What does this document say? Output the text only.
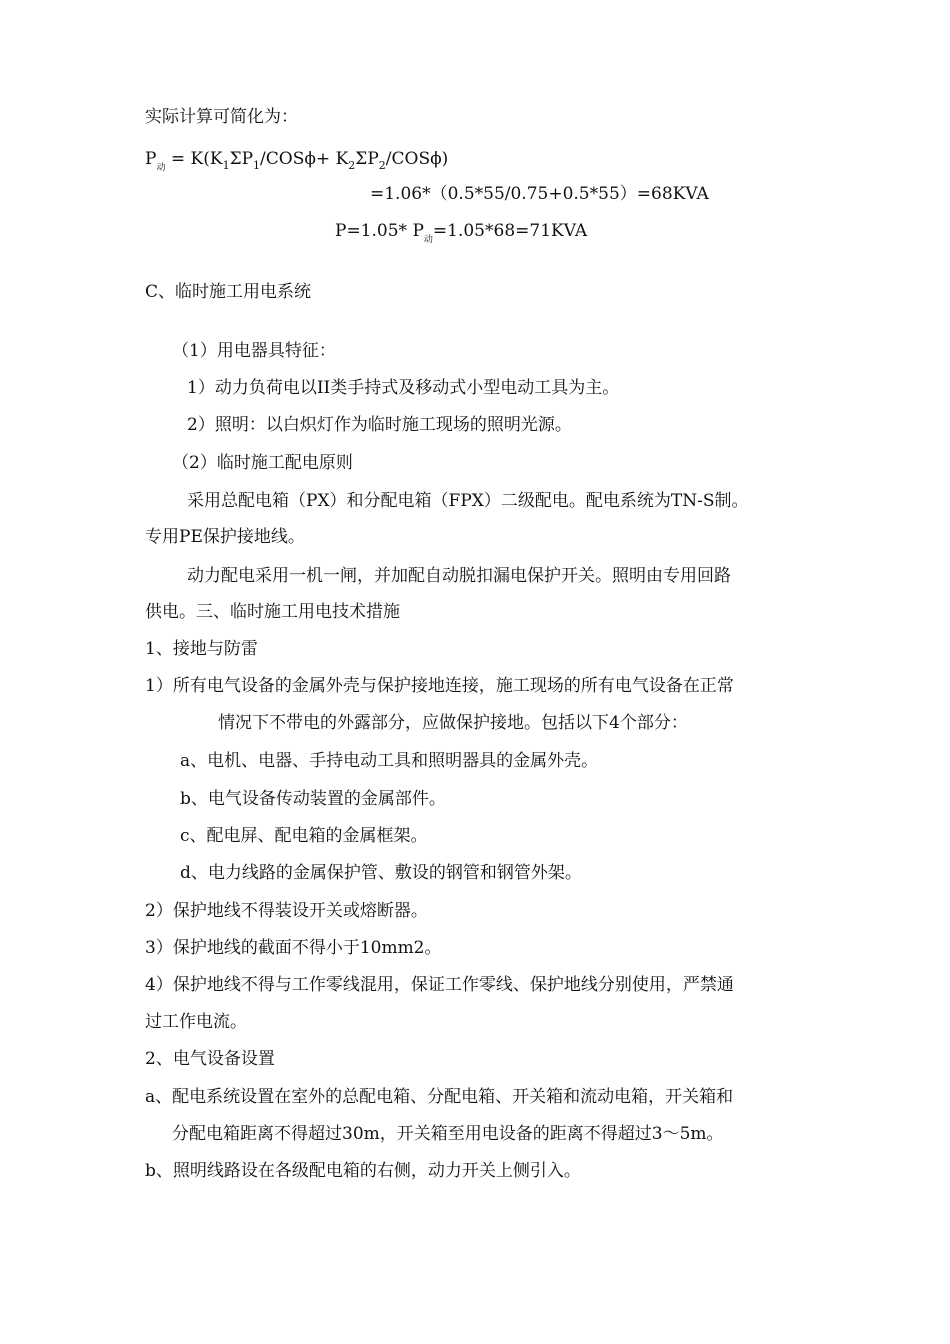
实际计算可简化为：
$P_动 = K(K_1\Sigma P_1/COS\phi+ K_2\Sigma P_2/COS\phi)$
=1.06*（0.5*55/0.75+0.5*55）=68KVA
P=1.05* $P_动=1.05*68=71KVA$
C、临时施工用电系统
（1）用电器具特征：
1）动力负荷电以II类手持式及移动式小型电动工具为主。
2）照明：以白炽灯作为临时施工现场的照明光源。
（2）临时施工配电原则
采用总配电箱（PX）和分配电箱（FPX）二级配电。配电系统为TN-S制。
专用PE保护接地线。
动力配电采用一机一闸，并加配自动脱扣漏电保护开关。照明由专用回路
供电。三、临时施工用电技术措施
1、接地与防雷
1）所有电气设备的金属外壳与保护接地连接，施工现场的所有电气设备在正常
情况下不带电的外露部分，应做保护接地。包括以下4个部分：
a、电机、电器、手持电动工具和照明器具的金属外壳。
b、电气设备传动装置的金属部件。
c、配电屏、配电箱的金属框架。
d、电力线路的金属保护管、敷设的钢管和钢管外架。
2）保护地线不得装设开关或熔断器。
3）保护地线的截面不得小于10mm2。
4）保护地线不得与工作零线混用，保证工作零线、保护地线分别使用，严禁通
过工作电流。
2、电气设备设置
a、配电系统设置在室外的总配电箱、分配电箱、开关箱和流动电箱，开关箱和
分配电箱距离不得超过30m，开关箱至用电设备的距离不得超过3～5m。
b、照明线路设在各级配电箱的右侧，动力开关上侧引入。
